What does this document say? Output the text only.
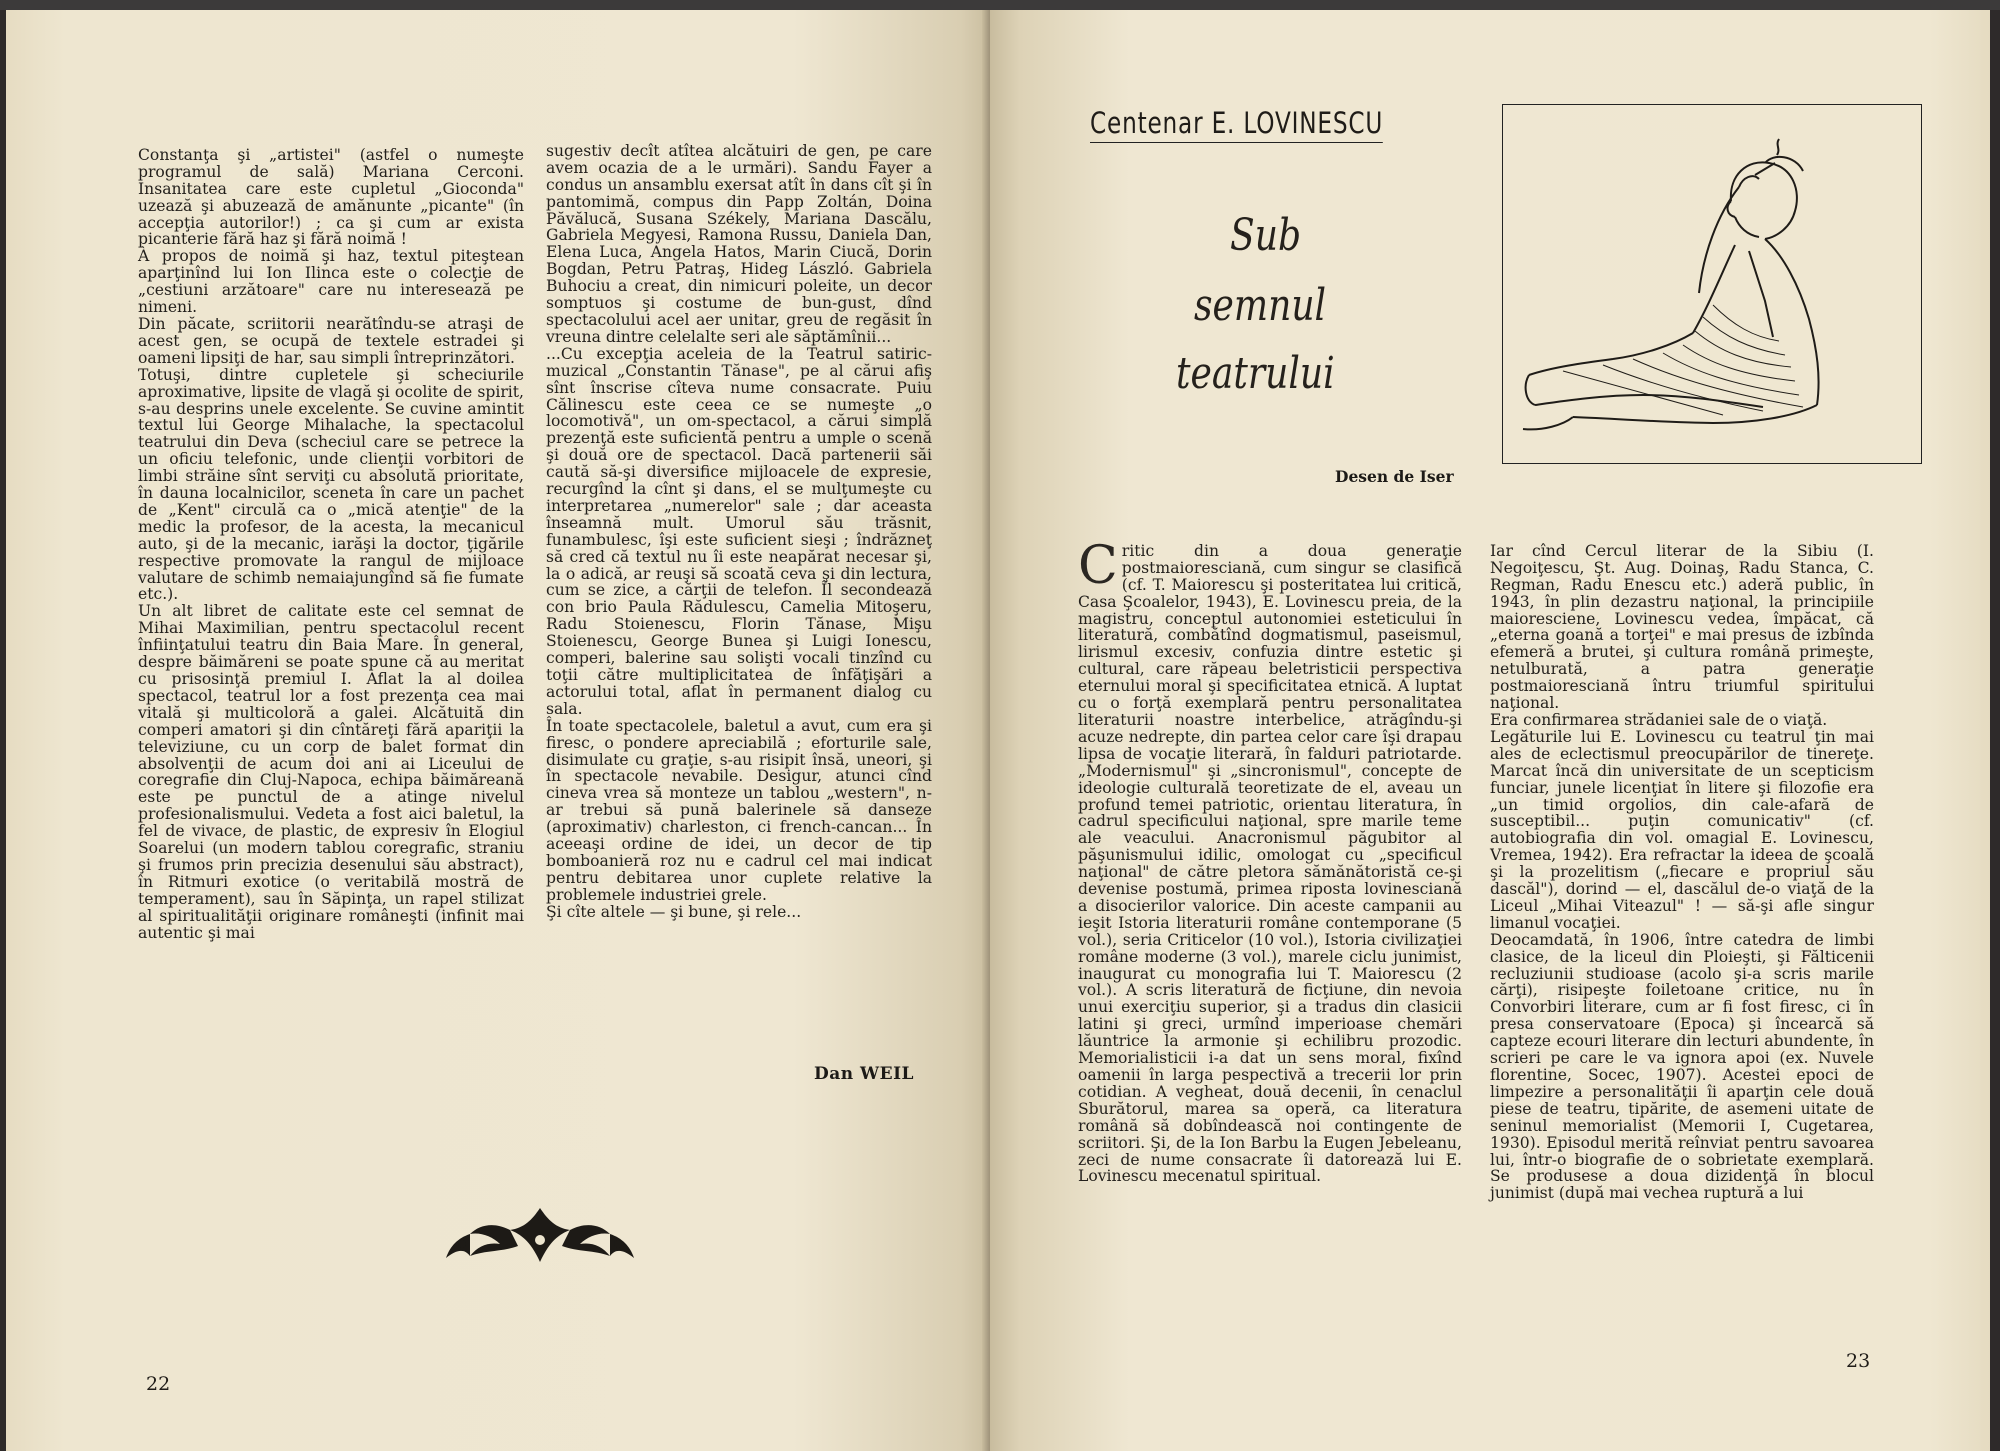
Constanţa şi „artistei" (astfel o numeşte programul de sală) Mariana Cerconi. Insanitatea care este cupletul „Gioconda" uzează şi abuzează de amănunte „picante" (în accepţia autorilor!) ; ca şi cum ar exista picanterie fără haz şi fără noimă !
À propos de noimă şi haz, textul piteştean aparţinînd lui Ion Ilinca este o colecţie de „cestiuni arzătoare" care nu interesează pe nimeni.
Din păcate, scriitorii nearătîndu-se atraşi de acest gen, se ocupă de textele estradei şi oameni lipsiţi de har, sau simpli întreprinzători.
Totuşi, dintre cupletele şi scheciurile aproximative, lipsite de vlagă şi ocolite de spirit, s-au desprins unele excelente. Se cuvine amintit textul lui George Mihalache, la spectacolul teatrului din Deva (scheciul care se petrece la un oficiu telefonic, unde clienţii vorbitori de limbi străine sînt serviţi cu absolută prioritate, în dauna localnicilor, sceneta în care un pachet de „Kent" circulă ca o „mică atenţie" de la medic la profesor, de la acesta, la mecanicul auto, şi de la mecanic, iarăşi la doctor, ţigările respective promovate la rangul de mijloace valutare de schimb nemaiajungînd să fie fumate etc.).
Un alt libret de calitate este cel semnat de Mihai Maximilian, pentru spectacolul recent înfiinţatului teatru din Baia Mare. În general, despre băimăreni se poate spune că au meritat cu prisosinţă premiul I. Aflat la al doilea spectacol, teatrul lor a fost prezenţa cea mai vitală şi multicoloră a galei. Alcătuită din comperi amatori şi din cîntăreţi fără apariţii la televiziune, cu un corp de balet format din absolvenţii de acum doi ani ai Liceului de coregrafie din Cluj-Napoca, echipa băimăreană este pe punctul de a atinge nivelul profesionalismului. Vedeta a fost aici baletul, la fel de vivace, de plastic, de expresiv în Elogiul Soarelui (un modern tablou coregrafic, straniu şi frumos prin precizia desenului său abstract), în Ritmuri exotice (o veritabilă mostră de temperament), sau în Săpinţa, un rapel stilizat al spiritualităţii originare româneşti (infinit mai autentic şi mai

sugestiv decît atîtea alcătuiri de gen, pe care avem ocazia de a le urmări). Sandu Fayer a condus un ansamblu exersat atît în dans cît şi în pantomimă, compus din Papp Zoltán, Doina Păvălucă, Susana Székely, Mariana Dascălu, Gabriela Megyesi, Ramona Russu, Daniela Dan, Elena Luca, Angela Hatos, Marin Ciucă, Dorin Bogdan, Petru Patraş, Hideg László. Gabriela Buhociu a creat, din nimicuri poleite, un decor somptuos şi costume de bun-gust, dînd spectacolului acel aer unitar, greu de regăsit în vreuna dintre celelalte seri ale săptămînii...
...Cu excepţia aceleia de la Teatrul satiric-muzical „Constantin Tănase", pe al cărui afiş sînt înscrise cîteva nume consacrate. Puiu Călinescu este ceea ce se numeşte „o locomotivă", un om-spectacol, a cărui simplă prezenţă este suficientă pentru a umple o scenă şi două ore de spectacol. Dacă partenerii săi caută să-şi diversifice mijloacele de expresie, recurgînd la cînt şi dans, el se mulţumeşte cu interpretarea „numerelor" sale ; dar aceasta înseamnă mult. Umorul său trăsnit, funambulesc, îşi este suficient sieşi ; îndrăzneţ să cred că textul nu îi este neapărat necesar şi, la o adică, ar reuşi să scoată ceva şi din lectura, cum se zice, a cărţii de telefon. Îl secondează con brio Paula Rădulescu, Camelia Mitoşeru, Radu Stoienescu, Florin Tănase, Mişu Stoienescu, George Bunea şi Luigi Ionescu, comperi, balerine sau solişti vocali tinzînd cu toţii către multiplicitatea de înfăţişări a actorului total, aflat în permanent dialog cu sala.
În toate spectacolele, baletul a avut, cum era şi firesc, o pondere apreciabilă ; eforturile sale, disimulate cu graţie, s-au risipit însă, uneori, şi în spectacole nevabile. Desigur, atunci cînd cineva vrea să monteze un tablou „western", n-ar trebui să pună balerinele să danseze (aproximativ) charleston, ci french-cancan... În aceeaşi ordine de idei, un decor de tip bomboanieră roz nu e cadrul cel mai indicat pentru debitarea unor cuplete relative la problemele industriei grele.
Şi cîte altele — şi bune, şi rele...

Dan WEIL
22
Centenar E. LOVINESCU
Sub
semnul
teatrului
Desen de Iser

Critic din a doua generaţie postmaioresciană, cum singur se clasifică (cf. T. Maiorescu şi posteritatea lui critică, Casa Şcoalelor, 1943), E. Lovinescu preia, de la magistru, conceptul autonomiei esteticului în literatură, combătînd dogmatismul, paseismul, lirismul excesiv, confuzia dintre estetic şi cultural, care răpeau beletristicii perspectiva eternului moral şi specificitatea etnică. A luptat cu o forţă exemplară pentru personalitatea literaturii noastre interbelice, atrăgîndu-şi acuze nedrepte, din partea celor care îşi drapau lipsa de vocaţie literară, în falduri patriotarde. „Modernismul" şi „sincronismul", concepte de ideologie culturală teoretizate de el, aveau un profund temei patriotic, orientau literatura, în cadrul specificului naţional, spre marile teme ale veacului. Anacronismul păgubitor al păşunismului idilic, omologat cu „specificul naţional" de către pletora sămănătoristă ce-şi devenise postumă, primea riposta lovinesciană a disocierilor valorice. Din aceste campanii au ieşit Istoria literaturii române contemporane (5 vol.), seria Criticelor (10 vol.), Istoria civilizaţiei române moderne (3 vol.), marele ciclu junimist, inaugurat cu monografia lui T. Maiorescu (2 vol.). A scris literatură de ficţiune, din nevoia unui exerciţiu superior, şi a tradus din clasicii latini şi greci, urmînd imperioase chemări lăuntrice la armonie şi echilibru prozodic. Memorialisticii i-a dat un sens moral, fixînd oamenii în larga pespectivă a trecerii lor prin cotidian. A vegheat, două decenii, în cenaclul Sburătorul, marea sa operă, ca literatura română să dobîndească noi contingente de scriitori. Şi, de la Ion Barbu la Eugen Jebeleanu, zeci de nume consacrate îi datorează lui E. Lovinescu mecenatul spiritual.

Iar cînd Cercul literar de la Sibiu (I. Negoiţescu, Şt. Aug. Doinaş, Radu Stanca, C. Regman, Radu Enescu etc.) aderă public, în 1943, în plin dezastru naţional, la principiile maioresciene, Lovinescu vedea, împăcat, că „eterna goană a torţei" e mai presus de izbînda efemeră a brutei, şi cultura română primeşte, netulburată, a patra generaţie postmaioresciană întru triumful spiritului naţional.
Era confirmarea strădaniei sale de o viaţă.
Legăturile lui E. Lovinescu cu teatrul ţin mai ales de eclectismul preocupărilor de tinereţe. Marcat încă din universitate de un scepticism funciar, junele licenţiat în litere şi filozofie era „un timid orgolios, din cale-afară de susceptibil... puţin comunicativ" (cf. autobiografia din vol. omagial E. Lovinescu, Vremea, 1942). Era refractar la ideea de şcoală şi la prozelitism („fiecare e propriul său dascăl"), dorind — el, dascălul de-o viaţă de la Liceul „Mihai Viteazul" ! — să-şi afle singur limanul vocaţiei.
Deocamdată, în 1906, între catedra de limbi clasice, de la liceul din Ploieşti, şi Fălticenii recluziunii studioase (acolo şi-a scris marile cărţi), risipeşte foiletoane critice, nu în Convorbiri literare, cum ar fi fost firesc, ci în presa conservatoare (Epoca) şi încearcă să capteze ecouri literare din lecturi abundente, în scrieri pe care le va ignora apoi (ex. Nuvele florentine, Socec, 1907). Acestei epoci de limpezire a personalităţii îi aparţin cele două piese de teatru, tipărite, de asemeni uitate de seninul memorialist (Memorii I, Cugetarea, 1930). Episodul merită reînviat pentru savoarea lui, într-o biografie de o sobrietate exemplară. Se produsese a doua dizidenţă în blocul junimist (după mai vechea ruptură a lui

23
